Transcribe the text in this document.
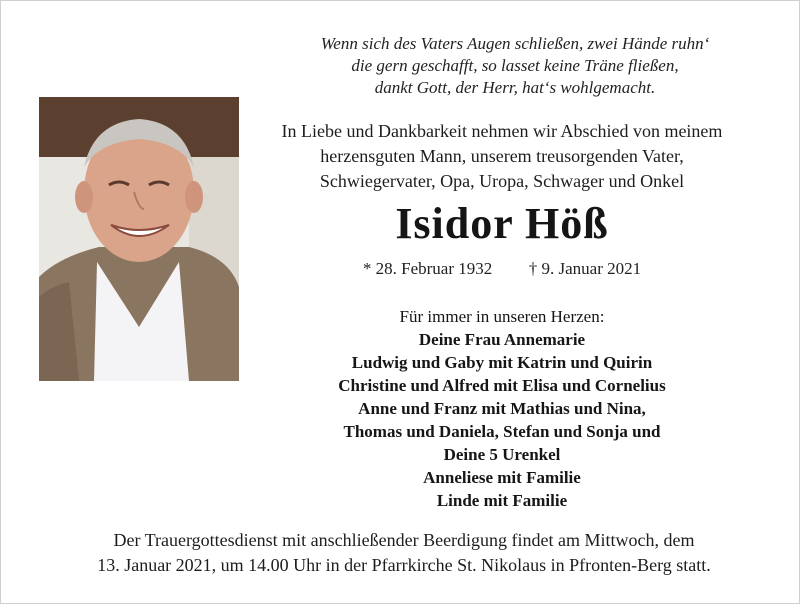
Wenn sich des Vaters Augen schließen, zwei Hände ruhn‘
die gern geschafft, so lasset keine Träne fließen,
dankt Gott, der Herr, hat‘s wohlgemacht.
In Liebe und Dankbarkeit nehmen wir Abschied von meinem
herzensguten Mann, unserem treusorgenden Vater,
Schwiegervater, Opa, Uropa, Schwager und Onkel
Isidor Höß
* 28. Februar 1932 † 9. Januar 2021
Für immer in unseren Herzen:
Deine Frau Annemarie
Ludwig und Gaby mit Katrin und Quirin
Christine und Alfred mit Elisa und Cornelius
Anne und Franz mit Mathias und Nina,
Thomas und Daniela, Stefan und Sonja und
Deine 5 Urenkel
Anneliese mit Familie
Linde mit Familie
Der Trauergottesdienst mit anschließender Beerdigung findet am Mittwoch, dem
13. Januar 2021, um 14.00 Uhr in der Pfarrkirche St. Nikolaus in Pfronten-Berg statt.
